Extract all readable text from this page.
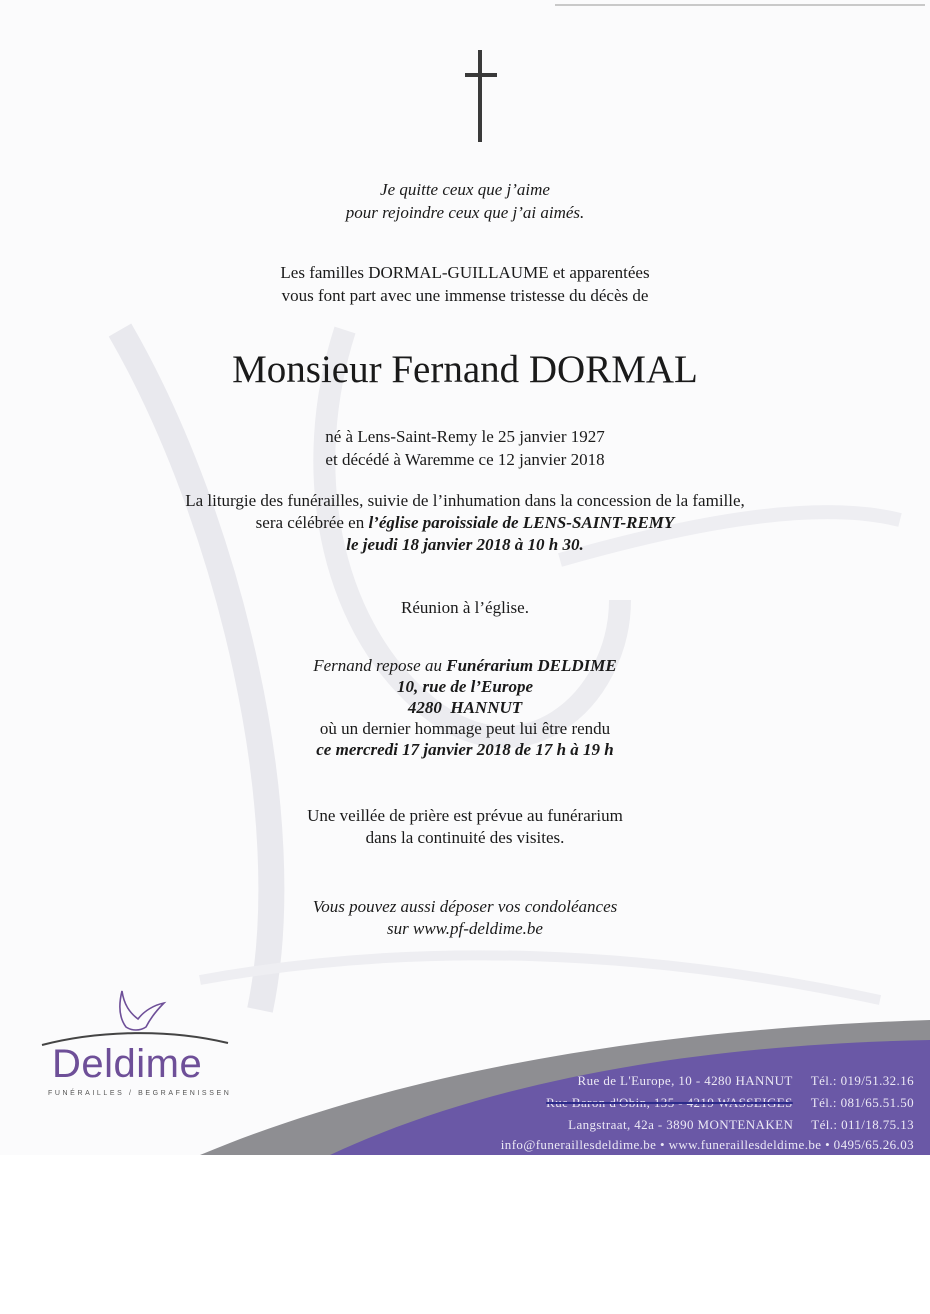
Je quitte ceux que j’aime
pour rejoindre ceux que j’ai aimés.
Les familles DORMAL-GUILLAUME et apparentées
vous font part avec une immense tristesse du décès de
Monsieur Fernand DORMAL
né à Lens-Saint-Remy le 25 janvier 1927
et décédé à Waremme ce 12 janvier 2018
La liturgie des funérailles, suivie de l’inhumation dans la concession de la famille,
sera célébrée en l’église paroissiale de LENS-SAINT-REMY
le jeudi 18 janvier 2018 à 10 h 30.
Réunion à l’église.
Fernand repose au Funérarium DELDIME
10, rue de l’Europe
4280  HANNUT
où un dernier hommage peut lui être rendu
ce mercredi 17 janvier 2018 de 17 h à 19 h
Une veillée de prière est prévue au funérarium
dans la continuité des visites.
Vous pouvez aussi déposer vos condoléances
sur www.pf-deldime.be
Deldime
FUNÉRAILLES / BEGRAFENISSEN
Rue de L'Europe, 10 - 4280 HANNUT Tél.: 019/51.32.16
Rue Baron d'Obin, 135 - 4219 WASSEIGES Tél.: 081/65.51.50
Langstraat, 42a - 3890 MONTENAKEN Tél.: 011/18.75.13
info@funeraillesdeldime.be • www.funeraillesdeldime.be • 0495/65.26.03
